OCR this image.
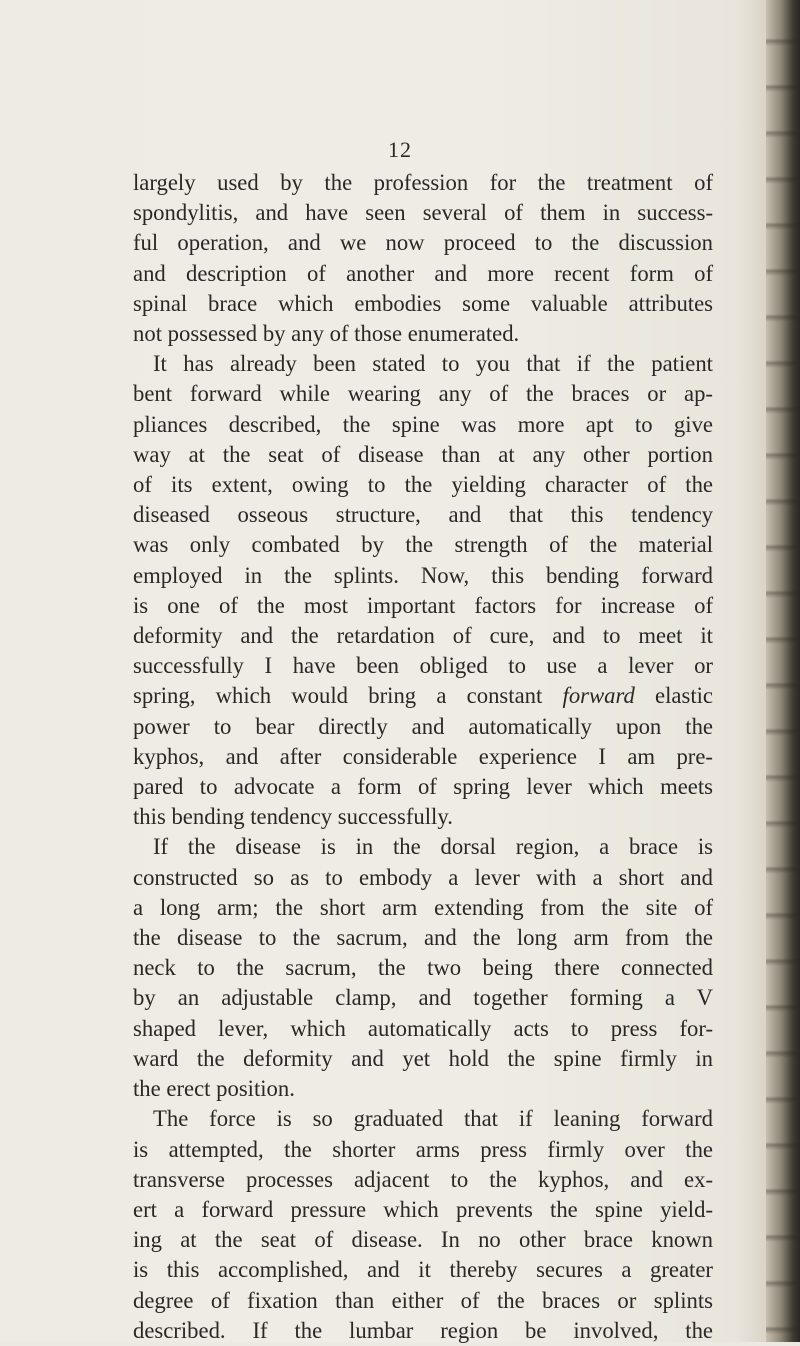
12
largely used by the profession for the treatment of
spondylitis, and have seen several of them in success-
ful operation, and we now proceed to the discussion
and description of another and more recent form of
spinal brace which embodies some valuable attributes
not possessed by any of those enumerated.
It has already been stated to you that if the patient
bent forward while wearing any of the braces or ap-
pliances described, the spine was more apt to give
way at the seat of disease than at any other portion
of its extent, owing to the yielding character of the
diseased osseous structure, and that this tendency
was only combated by the strength of the material
employed in the splints. Now, this bending forward
is one of the most important factors for increase of
deformity and the retardation of cure, and to meet it
successfully I have been obliged to use a lever or
spring, which would bring a constant forward elastic
power to bear directly and automatically upon the
kyphos, and after considerable experience I am pre-
pared to advocate a form of spring lever which meets
this bending tendency successfully.
If the disease is in the dorsal region, a brace is
constructed so as to embody a lever with a short and
a long arm; the short arm extending from the site of
the disease to the sacrum, and the long arm from the
neck to the sacrum, the two being there connected
by an adjustable clamp, and together forming a V
shaped lever, which automatically acts to press for-
ward the deformity and yet hold the spine firmly in
the erect position.
The force is so graduated that if leaning forward
is attempted, the shorter arms press firmly over the
transverse processes adjacent to the kyphos, and ex-
ert a forward pressure which prevents the spine yield-
ing at the seat of disease. In no other brace known
is this accomplished, and it thereby secures a greater
degree of fixation than either of the braces or splints
described. If the lumbar region be involved, the
